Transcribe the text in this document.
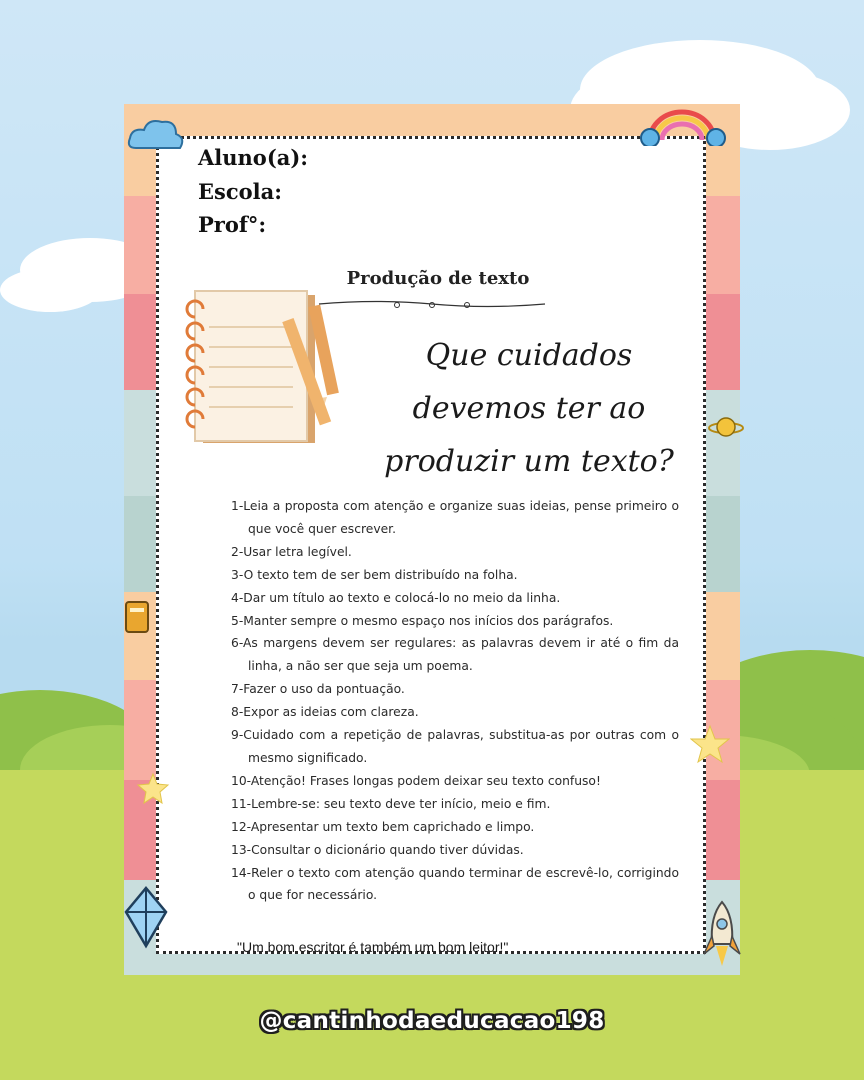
Aluno(a):
Escola:
Prof°:
Produção de texto
Que cuidados
devemos ter ao
produzir um texto?
1-Leia a proposta com atenção e organize suas ideias, pense primeiro o que você quer escrever.
2-Usar letra legível.
3-O texto tem de ser bem distribuído na folha.
4-Dar um título ao texto e colocá-lo no meio da linha.
5-Manter sempre o mesmo espaço nos inícios dos parágrafos.
6-As margens devem ser regulares: as palavras devem ir até o fim da linha, a não ser que seja um poema.
7-Fazer o uso da pontuação.
8-Expor as ideias com clareza.
9-Cuidado com a repetição de palavras, substitua-as por outras com o mesmo significado.
10-Atenção! Frases longas podem deixar seu texto confuso!
11-Lembre-se: seu texto deve ter início, meio e fim.
12-Apresentar um texto bem caprichado e limpo.
13-Consultar o dicionário quando tiver dúvidas.
14-Reler o texto com atenção quando terminar de escrevê-lo, corrigindo o que for necessário.
"Um bom escritor é também um bom leitor!"
@cantinhodaeducacao198
